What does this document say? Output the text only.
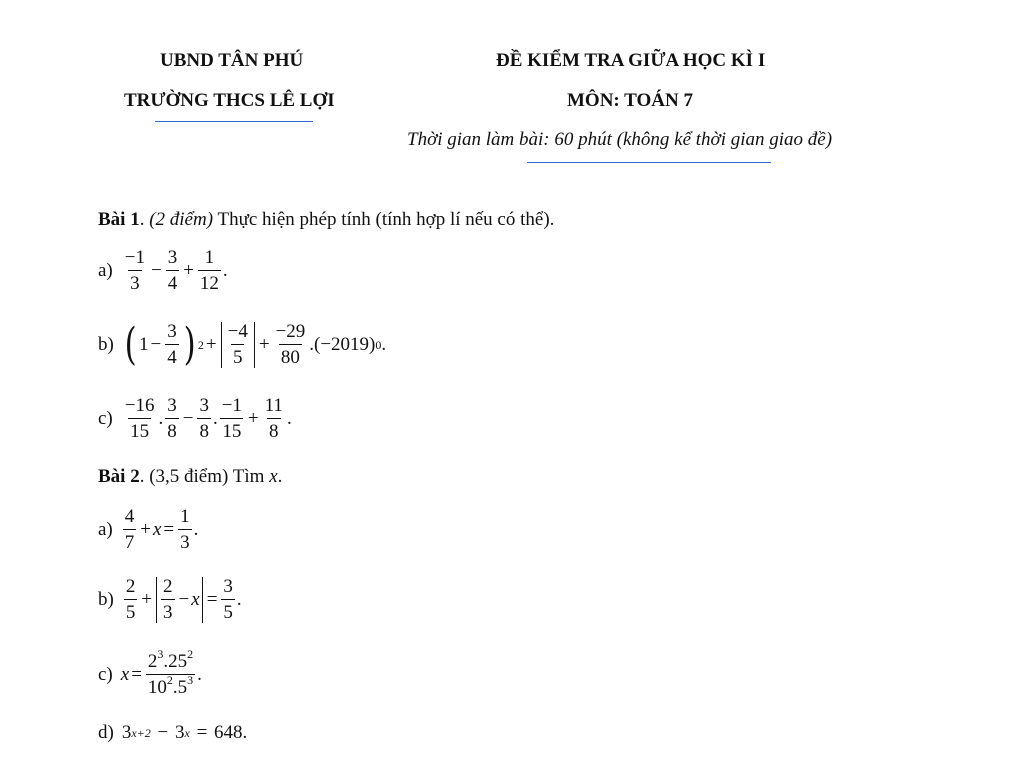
UBND TÂN PHÚ
TRƯỜNG THCS LÊ LỢI
ĐỀ KIỂM TRA GIỮA HỌC KÌ I
MÔN: TOÁN 7
Thời gian làm bài: 60 phút (không kể thời gian giao đề)
Bài 1. (2 điểm) Thực hiện phép tính (tính hợp lí nếu có thể).
$a) \frac{-1}{3} - \frac{3}{4} + \frac{1}{12}$ .
b) ( $1 - \frac{3}{4}$ ) $2 + \frac{-4}{5} + \frac{-29}{80} .(-2019)$ 0 .
$c) \frac{-16}{15}$ . $\frac{3}{8} - \frac{3}{8}$ . $\frac{-1}{15} + \frac{11}{8}$ .
Bài 2. (3,5 điểm) Tìm x.
$a) \frac{4}{7} + x = \frac{1}{3}$ .
$b) \frac{2}{5} + \frac{2}{3} - x = \frac{3}{5}$ .
c) $x = \frac{2^3.25^2}{10^2.5^3}$ .
d) 3 x+2 − 3 x = 648.
